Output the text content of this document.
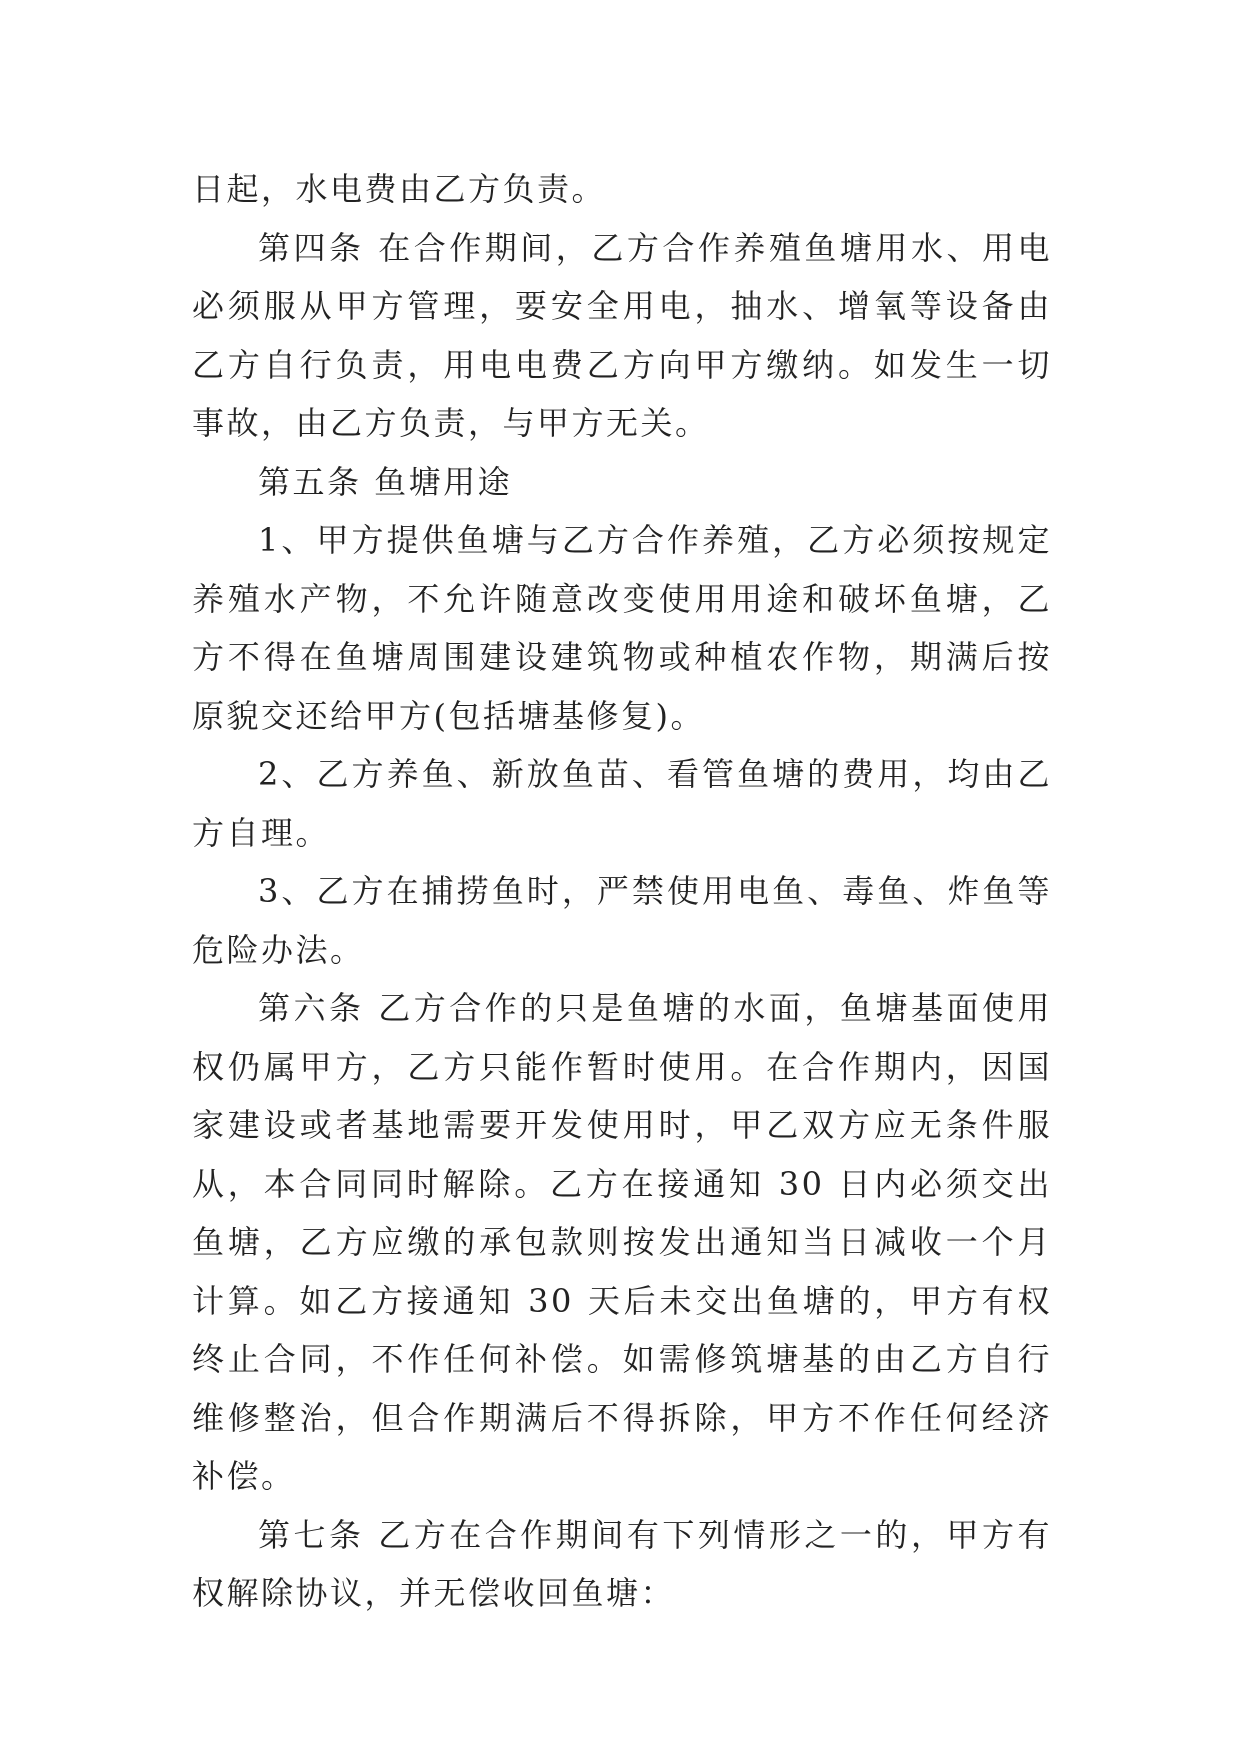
日起，水电费由乙方负责。

第四条 在合作期间，乙方合作养殖鱼塘用水、用电必须服从甲方管理，要安全用电，抽水、增氧等设备由乙方自行负责，用电电费乙方向甲方缴纳。如发生一切事故，由乙方负责，与甲方无关。

第五条 鱼塘用途

1、甲方提供鱼塘与乙方合作养殖，乙方必须按规定养殖水产物，不允许随意改变使用用途和破坏鱼塘，乙方不得在鱼塘周围建设建筑物或种植农作物，期满后按原貌交还给甲方(包括塘基修复)。

2、乙方养鱼、新放鱼苗、看管鱼塘的费用，均由乙方自理。

3、乙方在捕捞鱼时，严禁使用电鱼、毒鱼、炸鱼等危险办法。

第六条 乙方合作的只是鱼塘的水面，鱼塘基面使用权仍属甲方，乙方只能作暂时使用。在合作期内，因国家建设或者基地需要开发使用时，甲乙双方应无条件服从，本合同同时解除。乙方在接通知 30 日内必须交出鱼塘，乙方应缴的承包款则按发出通知当日减收一个月计算。如乙方接通知 30 天后未交出鱼塘的，甲方有权终止合同，不作任何补偿。如需修筑塘基的由乙方自行维修整治，但合作期满后不得拆除，甲方不作任何经济补偿。

第七条 乙方在合作期间有下列情形之一的，甲方有权解除协议，并无偿收回鱼塘：
